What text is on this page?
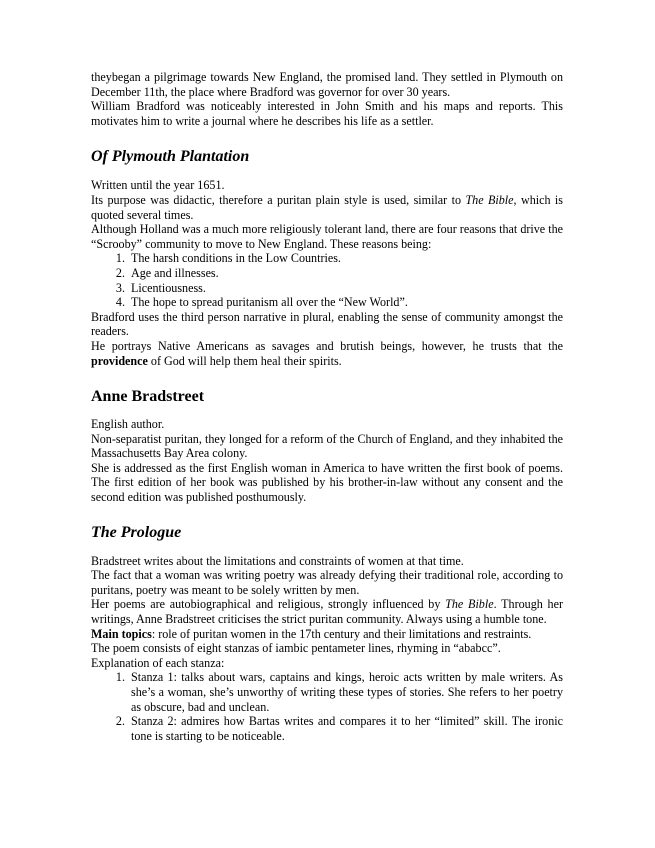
theybegan a pilgrimage towards New England, the promised land. They settled in Plymouth on December 11th, the place where Bradford was governor for over 30 years.

William Bradford was noticeably interested in John Smith and his maps and reports. This motivates him to write a journal where he describes his life as a settler.

Of Plymouth Plantation

Written until the year 1651.

Its purpose was didactic, therefore a puritan plain style is used, similar to The Bible, which is quoted several times.

Although Holland was a much more religiously tolerant land, there are four reasons that drive the “Scrooby” community to move to New England. These reasons being:

1. The harsh conditions in the Low Countries.
2. Age and illnesses.
3. Licentiousness.
4. The hope to spread puritanism all over the “New World”.

Bradford uses the third person narrative in plural, enabling the sense of community amongst the readers.

He portrays Native Americans as savages and brutish beings, however, he trusts that the providence of God will help them heal their spirits.

Anne Bradstreet

English author.

Non-separatist puritan, they longed for a reform of the Church of England, and they inhabited the Massachusetts Bay Area colony.

She is addressed as the first English woman in America to have written the first book of poems. The first edition of her book was published by his brother-in-law without any consent and the second edition was published posthumously.

The Prologue

Bradstreet writes about the limitations and constraints of women at that time.

The fact that a woman was writing poetry was already defying their traditional role, according to puritans, poetry was meant to be solely written by men.

Her poems are autobiographical and religious, strongly influenced by The Bible. Through her writings, Anne Bradstreet criticises the strict puritan community. Always using a humble tone.

Main topics: role of puritan women in the 17th century and their limitations and restraints.

The poem consists of eight stanzas of iambic pentameter lines, rhyming in “ababcc”.

Explanation of each stanza:

1. Stanza 1: talks about wars, captains and kings, heroic acts written by male writers. As she’s a woman, she’s unworthy of writing these types of stories. She refers to her poetry as obscure, bad and unclean.
2. Stanza 2: admires how Bartas writes and compares it to her “limited” skill. The ironic tone is starting to be noticeable.
